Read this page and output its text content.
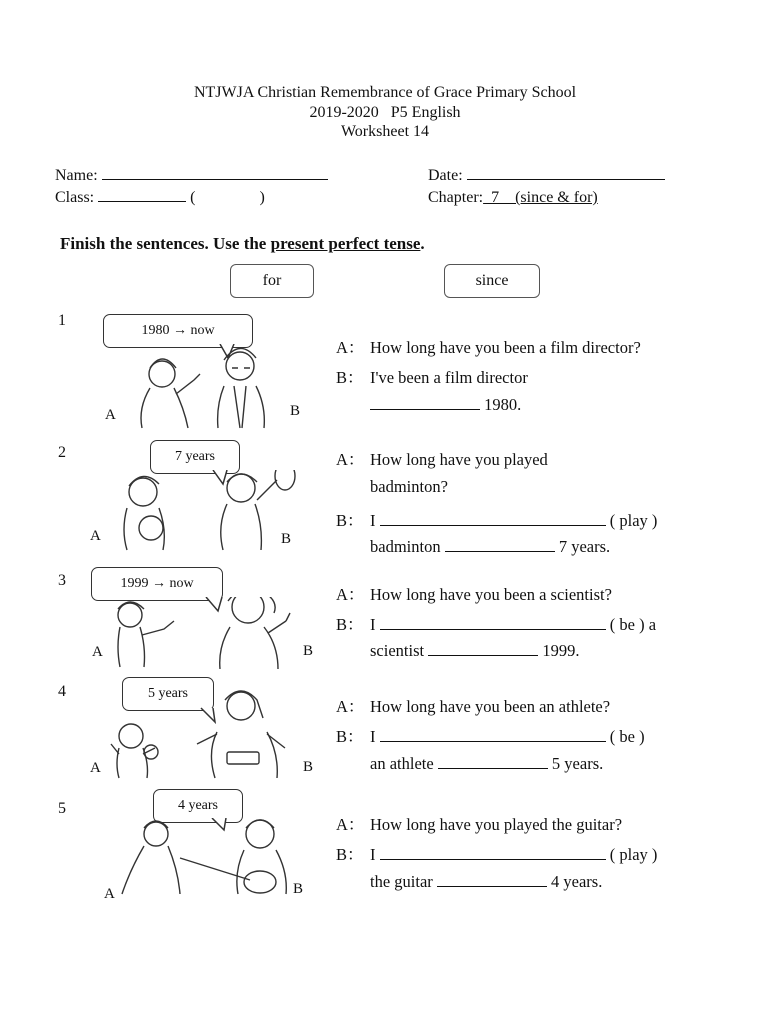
NTJWJA Christian Remembrance of Grace Primary School
2019-2020   P5 English
Worksheet 14
Name:
Class:	(	)
Date:
Chapter:  7    (since & for)
Finish the sentences. Use the present perfect tense.
for	since
1
1980 → now
A	B
A： How long have you been a film director?
B： I've been a film director
1980.
2	7 years
A	B
A： How long have you played
badminton?
B： I	( play )
badminton	7 years.
3	1999 → now
A	B
A： How long have you been a scientist?
B： I	( be ) a
scientist	1999.
4	5 years
A	B
A： How long have you been an athlete?
B： I	( be )
an athlete	5 years.
5	4 years
A	B
A： How long have you played the guitar?
B： I	( play )
the guitar	4 years.
